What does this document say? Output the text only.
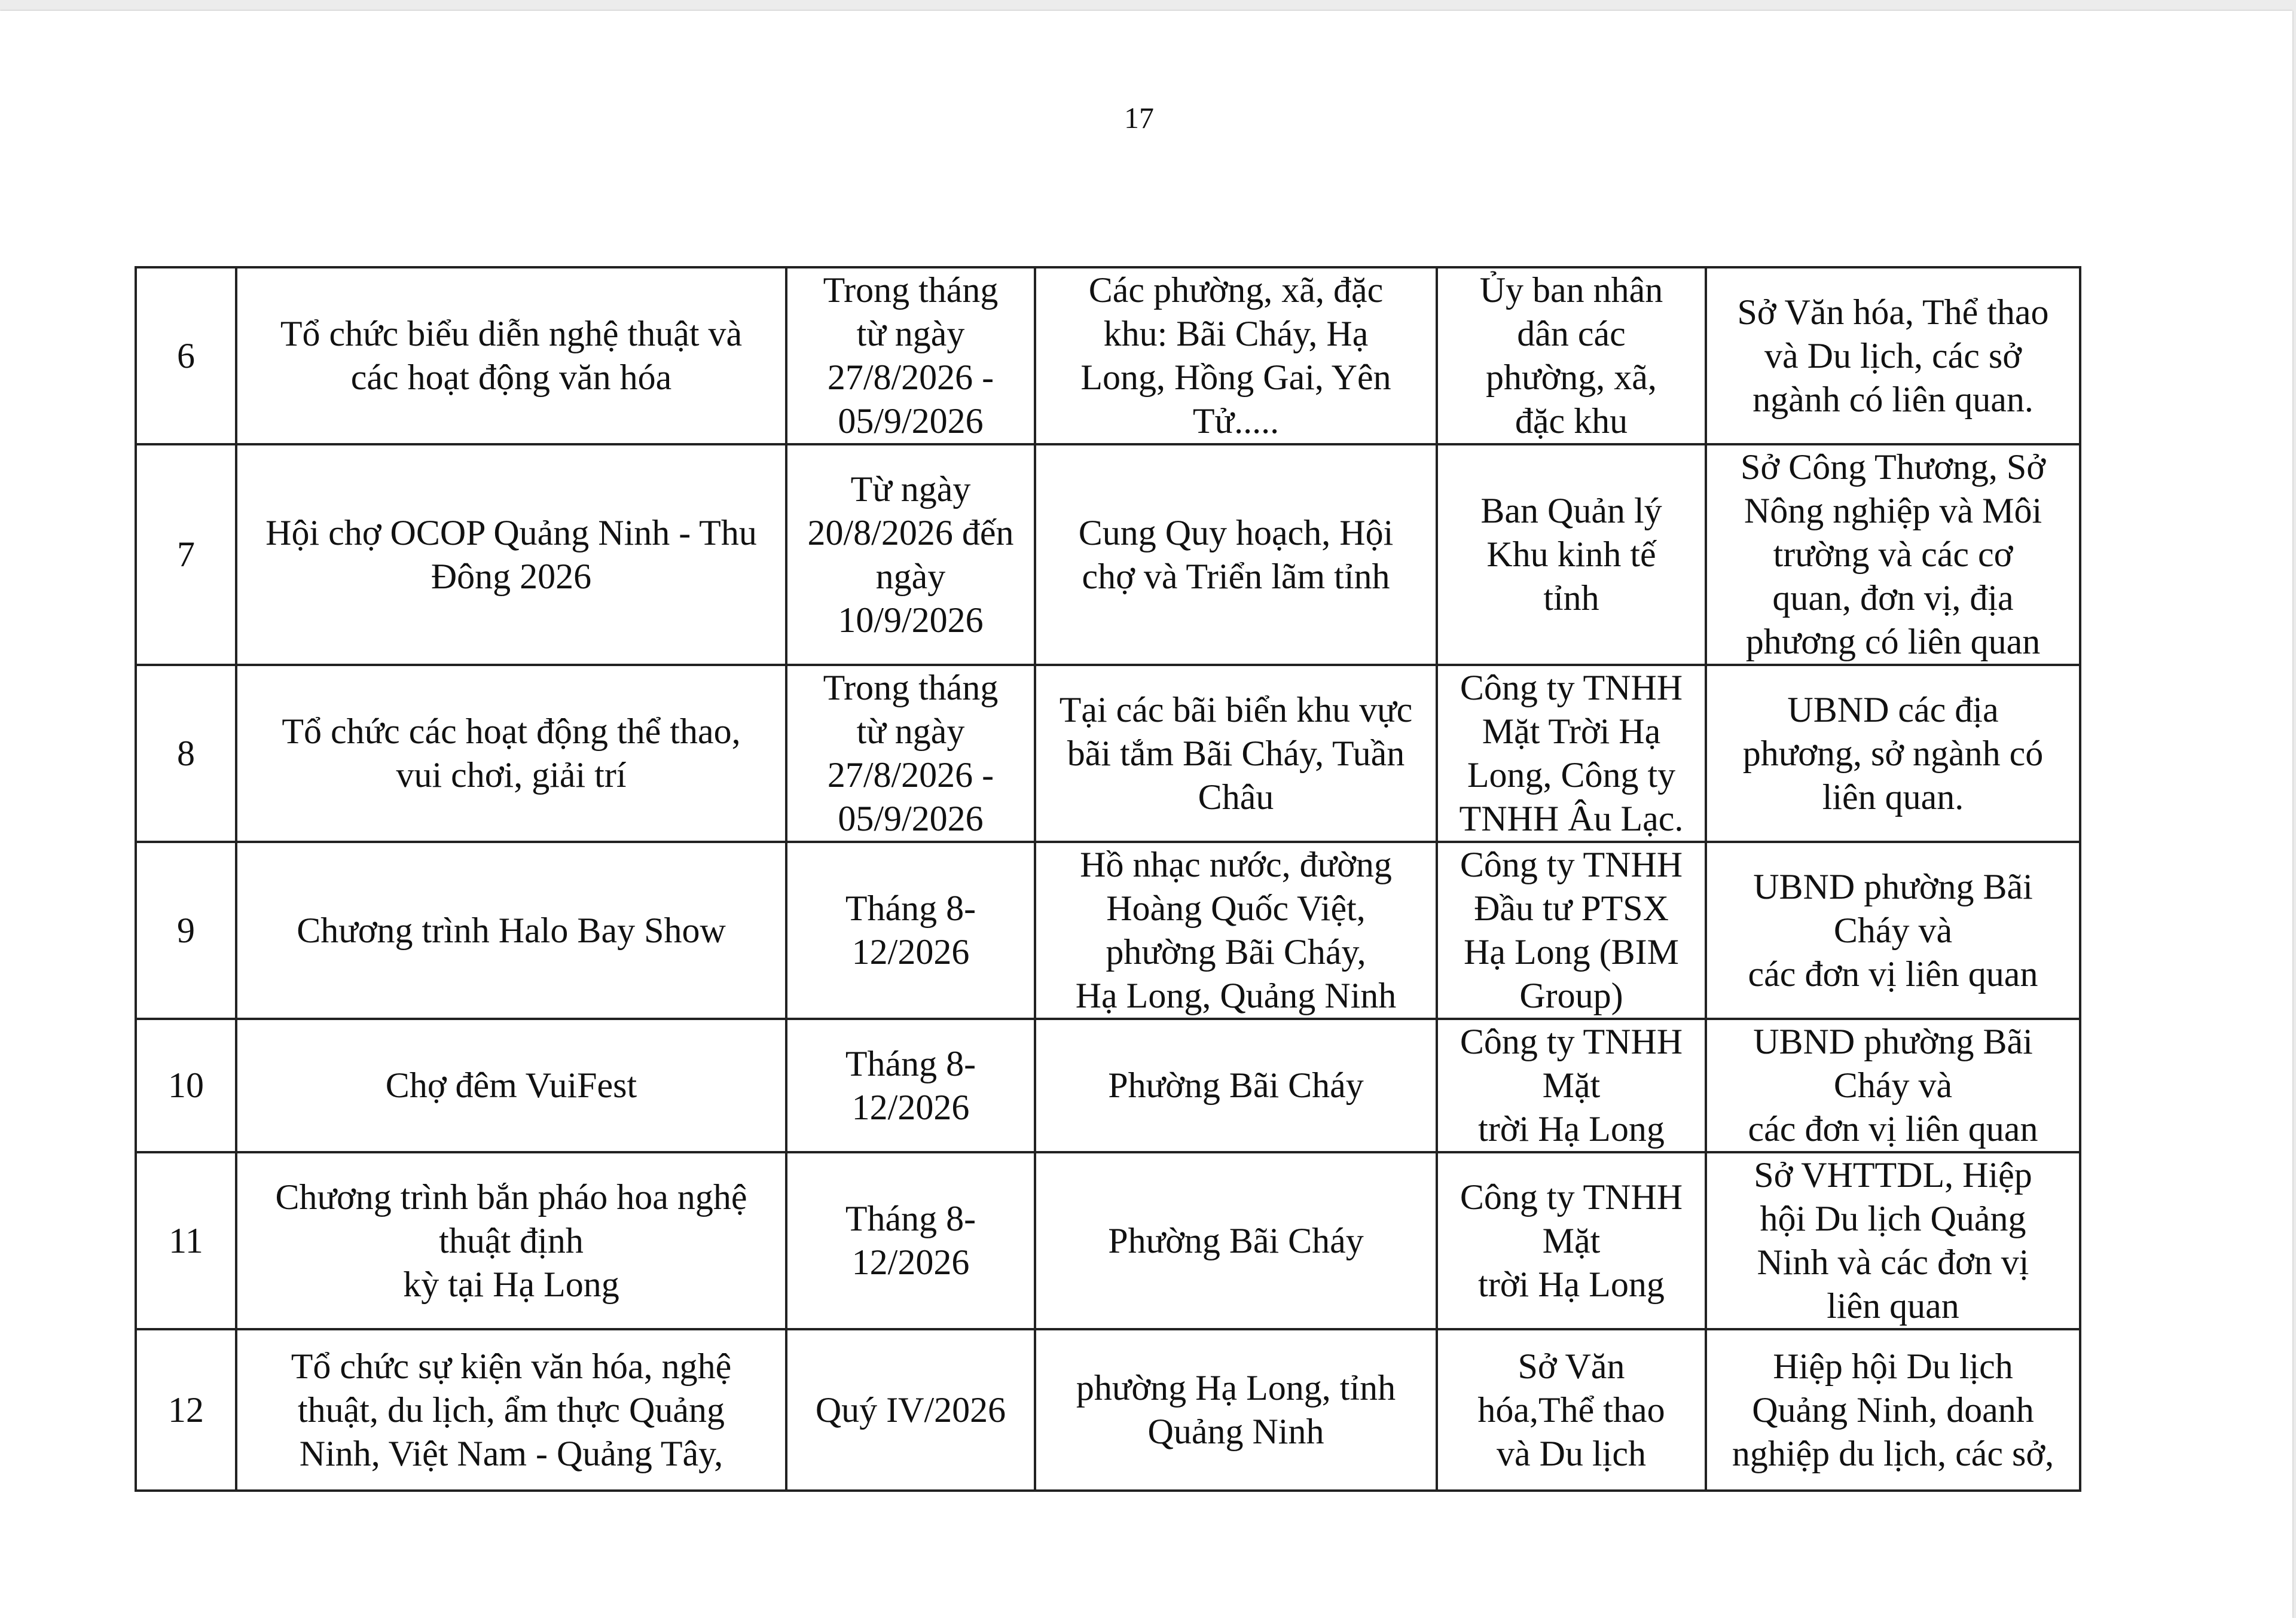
17
6	Tổ chức biểu diễn nghệ thuật và
các hoạt động văn hóa	Trong tháng
từ ngày
27/8/2026 -
05/9/2026	Các phường, xã, đặc
khu: Bãi Cháy, Hạ
Long, Hồng Gai, Yên
Tử.....	Ủy ban nhân
dân các
phường, xã,
đặc khu	Sở Văn hóa, Thể thao
và Du lịch, các sở
ngành có liên quan.
7	Hội chợ OCOP Quảng Ninh - Thu
Đông 2026	Từ ngày
20/8/2026 đến
ngày
10/9/2026	Cung Quy hoạch, Hội
chợ và Triển lãm tỉnh	Ban Quản lý
Khu kinh tế
tỉnh	Sở Công Thương, Sở
Nông nghiệp và Môi
trường và các cơ
quan, đơn vị, địa
phương có liên quan
8	Tổ chức các hoạt động thể thao,
vui chơi, giải trí	Trong tháng
từ ngày
27/8/2026 -
05/9/2026	Tại các bãi biển khu vực
bãi tắm Bãi Cháy, Tuần
Châu	Công ty TNHH
Mặt Trời Hạ
Long, Công ty
TNHH Âu Lạc.	UBND các địa
phương, sở ngành có
liên quan.
9	Chương trình Halo Bay Show	Tháng 8-
12/2026	Hồ nhạc nước, đường
Hoàng Quốc Việt,
phường Bãi Cháy,
Hạ Long, Quảng Ninh	Công ty TNHH
Đầu tư PTSX
Hạ Long (BIM
Group)	UBND phường Bãi
Cháy và
các đơn vị liên quan
10	Chợ đêm VuiFest	Tháng 8-
12/2026	Phường Bãi Cháy	Công ty TNHH
Mặt
trời Hạ Long	UBND phường Bãi
Cháy và
các đơn vị liên quan
11	Chương trình bắn pháo hoa nghệ
thuật định
kỳ tại Hạ Long	Tháng 8-
12/2026	Phường Bãi Cháy	Công ty TNHH
Mặt
trời Hạ Long	Sở VHTTDL, Hiệp
hội Du lịch Quảng
Ninh và các đơn vị
liên quan
12	Tổ chức sự kiện văn hóa, nghệ
thuật, du lịch, ẩm thực Quảng
Ninh, Việt Nam - Quảng Tây,	Quý IV/2026	phường Hạ Long, tỉnh
Quảng Ninh	Sở Văn
hóa,Thể thao
và Du lịch	Hiệp hội Du lịch
Quảng Ninh, doanh
nghiệp du lịch, các sở,
